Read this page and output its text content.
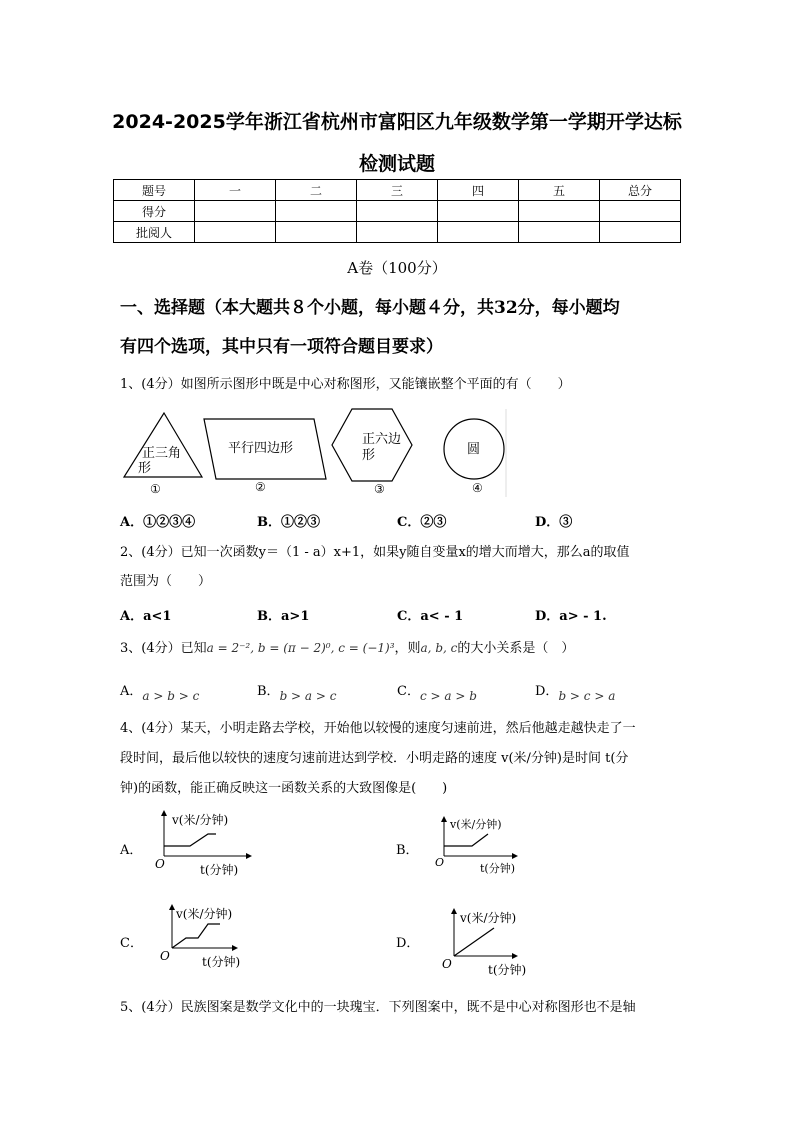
2024-2025学年浙江省杭州市富阳区九年级数学第一学期开学达标
检测试题
题号	一	二	三	四	五	总分
得分						
批阅人						
A卷（100分）
一、选择题（本大题共８个小题，每小题４分，共32分，每小题均
有四个选项，其中只有一项符合题目要求）
1、(4分）如图所示图形中既是中心对称图形，又能镶嵌整个平面的有（　　）
正三角
形
①
平行四边形
②
正六边
形
③
圆
④
A．①②③④	B．①②③	C．②③	D．③
2、(4分）已知一次函数y＝（1 - a）x+1，如果y随自变量x的增大而增大，那么a的取值
范围为（　　）
A．a<1	B．a>1	C．a< - 1	D．a> - 1.
3、(4分）已知a = 2⁻², b = (π − 2)⁰, c = (−1)³，则a, b, c的大小关系是（　）
A．$_{a > b > c}$	B．$_{b > a > c}$	C．$_{c > a > b}$	D．$_{b > c > a}$
4、(4分）某天，小明走路去学校，开始他以较慢的速度匀速前进，然后他越走越快走了一
段时间，最后他以较快的速度匀速前进达到学校．小明走路的速度 v(米/分钟)是时间 t(分
钟)的函数，能正确反映这一函数关系的大致图像是(　　)
A．
v(米/分钟)
O	t(分钟)
B．
v(米/分钟)
O	t(分钟)
C．
v(米/分钟)
O	t(分钟)
D．
v(米/分钟)
O	t(分钟)
5、(4分）民族图案是数学文化中的一块瑰宝．下列图案中，既不是中心对称图形也不是轴
